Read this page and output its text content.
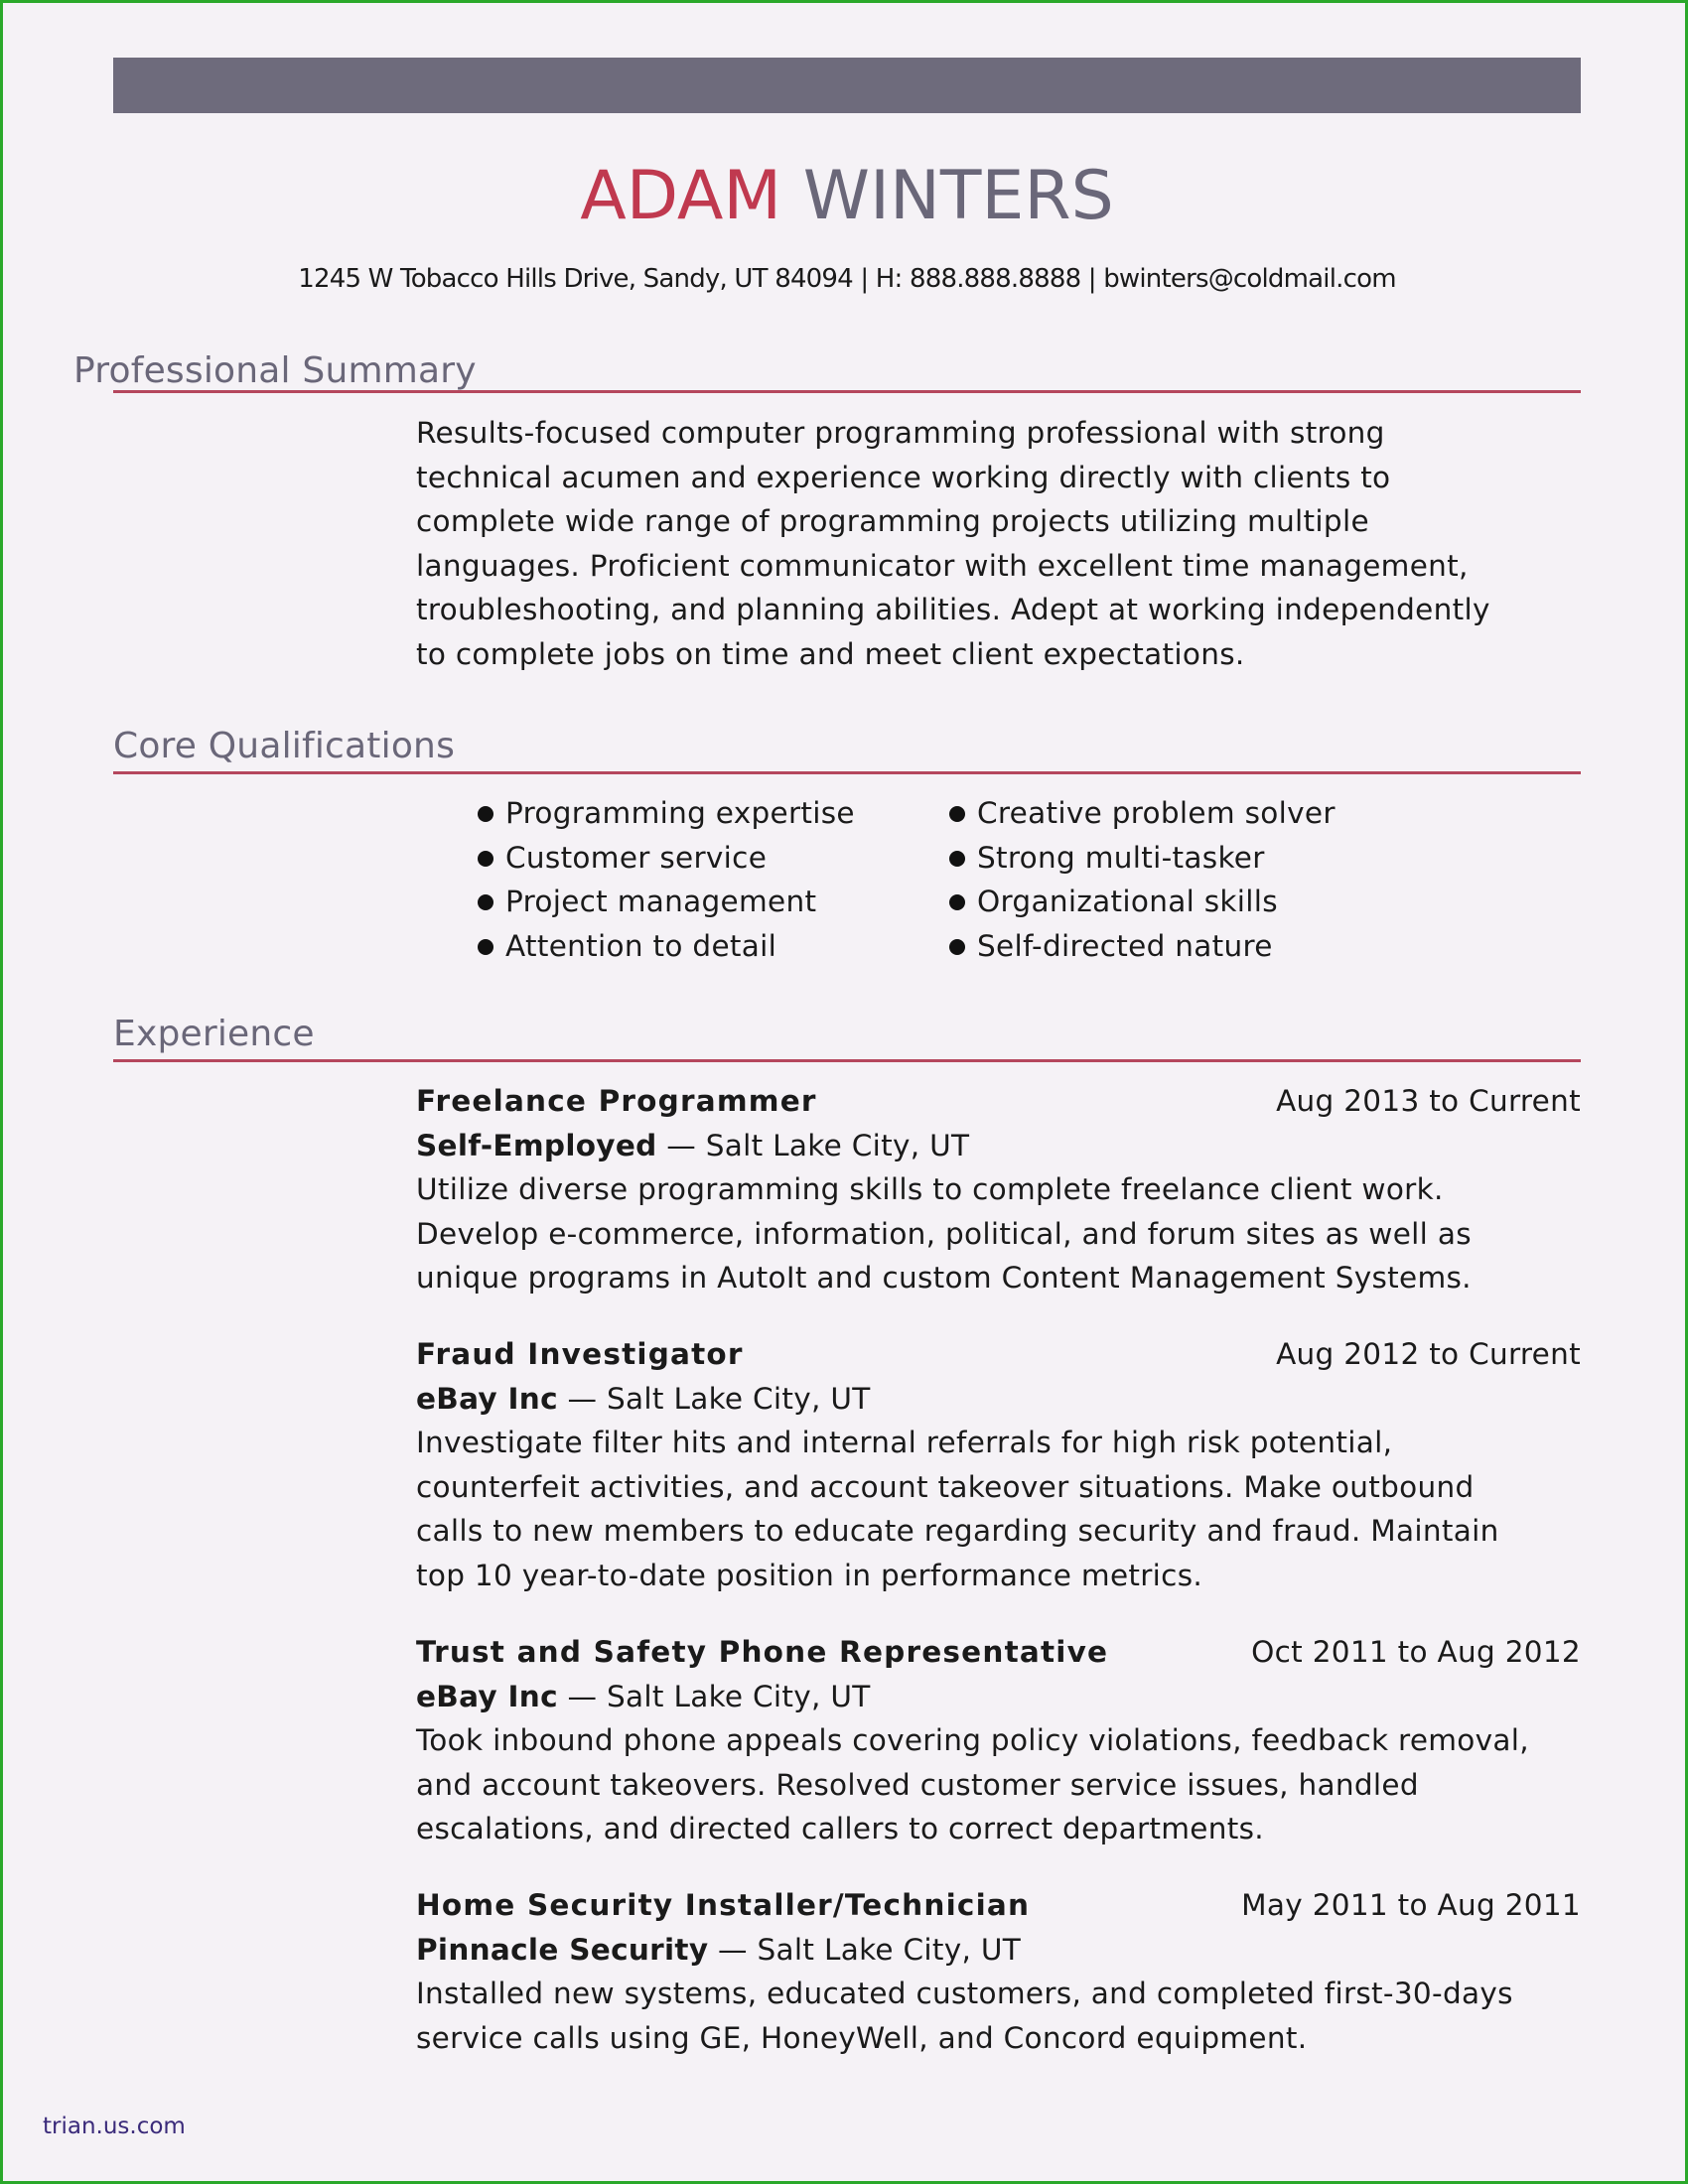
ADAM WINTERS
1245 W Tobacco Hills Drive, Sandy, UT 84094 | H: 888.888.8888 | bwinters@coldmail.com
Professional Summary

Results-focused computer programming professional with strong

technical acumen and experience working directly with clients to

complete wide range of programming projects utilizing multiple

languages. Proficient communicator with excellent time management,

troubleshooting, and planning abilities. Adept at working independently

to complete jobs on time and meet client expectations.

Core Qualifications
Programming expertise
Customer service
Project management
Attention to detail
Creative problem solver
Strong multi-tasker
Organizational skills
Self-directed nature
Experience
Freelance Programmer	Aug 2013 to Current
Self-Employed — Salt Lake City, UT

Utilize diverse programming skills to complete freelance client work.

Develop e-commerce, information, political, and forum sites as well as

unique programs in AutoIt and custom Content Management Systems.

Fraud Investigator	Aug 2012 to Current
eBay Inc — Salt Lake City, UT

Investigate filter hits and internal referrals for high risk potential,

counterfeit activities, and account takeover situations. Make outbound

calls to new members to educate regarding security and fraud. Maintain

top 10 year-to-date position in performance metrics.

Trust and Safety Phone Representative	Oct 2011 to Aug 2012
eBay Inc — Salt Lake City, UT

Took inbound phone appeals covering policy violations, feedback removal,

and account takeovers. Resolved customer service issues, handled

escalations, and directed callers to correct departments.

Home Security Installer/Technician	May 2011 to Aug 2011
Pinnacle Security — Salt Lake City, UT

Installed new systems, educated customers, and completed first-30-days

service calls using GE, HoneyWell, and Concord equipment.

trian.us.com
